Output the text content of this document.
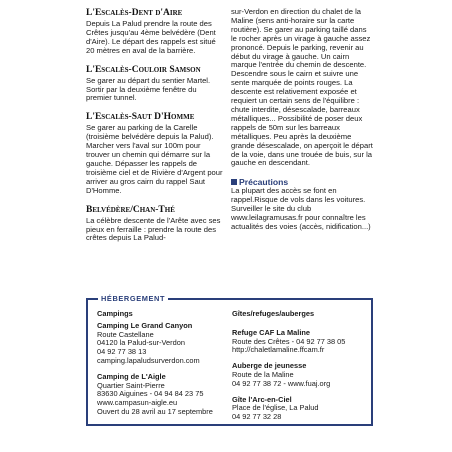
L'Escalès-Dent d'Aire

Depuis La Palud prendre la route des Crêtes jusqu'au 4ème belvédère (Dent d'Aire). Le départ des rappels est situé 20 mètres en aval de la barrière.

L'Escalès-Couloir Samson

Se garer au départ du sentier Martel. Sortir par la deuxième fenêtre du premier tunnel.

L'Escalès-Saut D'Homme

Se garer au parking de la Carelle (troisième belvédère depuis la Palud). Marcher vers l'aval sur 100m pour trouver un chemin qui démarre sur la gauche. Dépasser les rappels de troisième ciel et de Rivière d'Argent pour arriver au gros cairn du rappel Saut D'Homme.

Belvédère/Chan-Thé

La célèbre descente de l'Arête avec ses pieux en ferraille : prendre la route des crêtes depuis La Palud-

sur-Verdon en direction du chalet de la Maline (sens anti-horaire sur la carte routière). Se garer au parking taillé dans le rocher après un virage à gauche assez prononcé. Depuis le parking, revenir au début du virage à gauche. Un cairn marque l'entrée du chemin de descente. Descendre sous le cairn et suivre une sente marquée de points rouges. La descente est relativement exposée et requiert un certain sens de l'équilibre : chute interdite, désescalade, barreaux métalliques... Possibilité de poser deux rappels de 50m sur les barreaux métalliques. Peu après la deuxième grande désescalade, on aperçoit le départ de la voie, dans une trouée de buis, sur la gauche en descendant.

Précautions

La plupart des accès se font en rappel.Risque de vols dans les voitures. Surveiller le site du club www.leilagramusas.fr pour connaître les actualités des voies (accès, nidification...)

HÉBERGEMENT

Campings

Camping Le Grand Canyon

Route Castellane

04120 la Palud-sur-Verdon

04 92 77 38 13

camping.lapaludsurverdon.com

Camping de L'Aigle

Quartier Saint-Pierre

83630 Aiguines - 04 94 84 23 75

www.campasun-aigle.eu

Ouvert du 28 avril au 17 septembre

Gîtes/refuges/auberges

Refuge CAF La Maline

Route des Crêtes - 04 92 77 38 05

http://chaletlamaline.ffcam.fr

Auberge de jeunesse

Route de la Maline

04 92 77 38 72 - www.fuaj.org

Gîte l'Arc-en-Ciel

Place de l'église, La Palud

04 92 77 32 28
